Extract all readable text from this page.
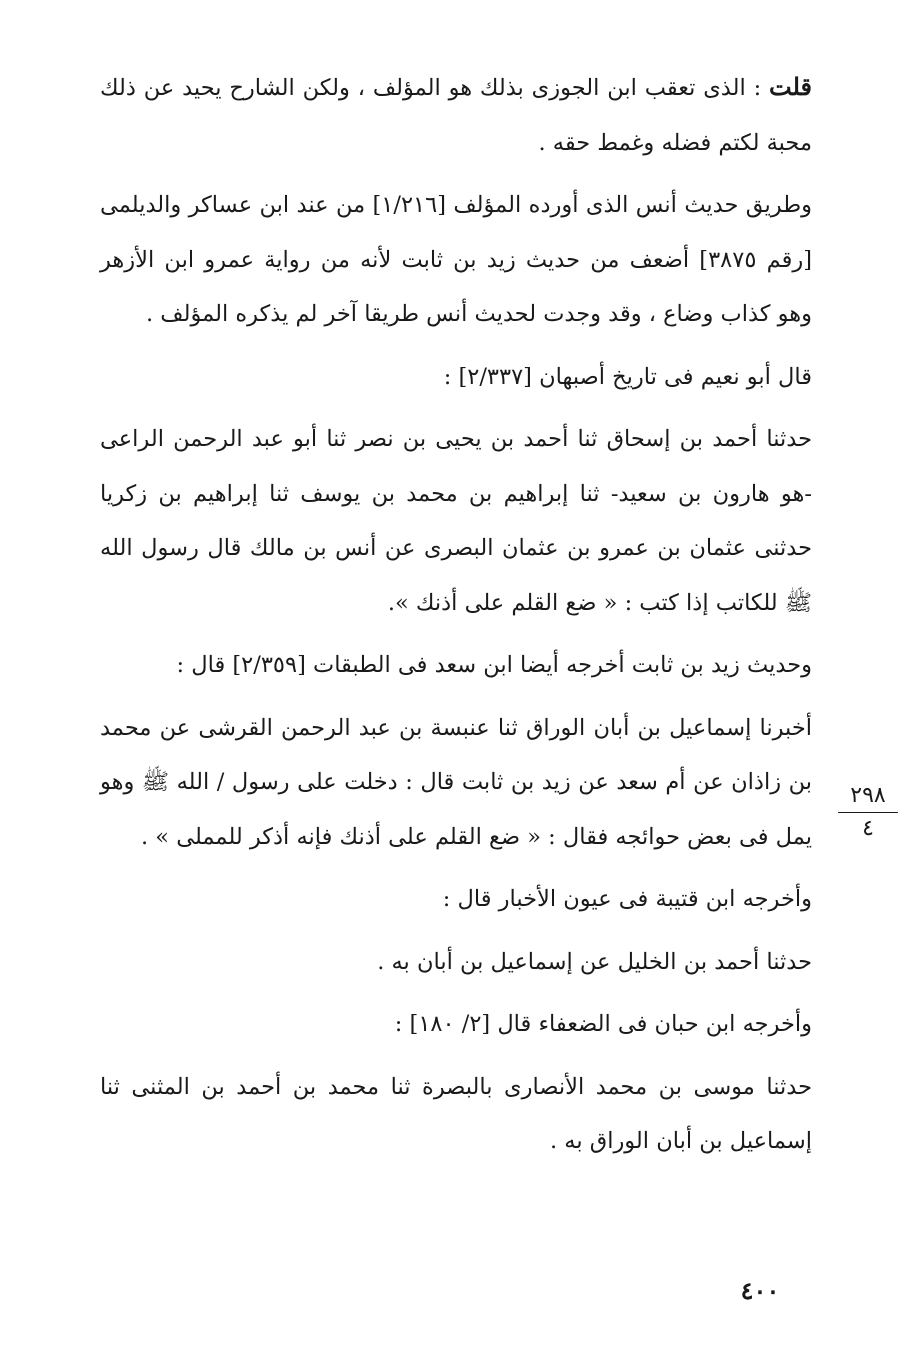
قلت : الذى تعقب ابن الجوزى بذلك هو المؤلف ، ولكن الشارح يحيد عن ذلك محبة لكتم فضله وغمط حقه .

وطريق حديث أنس الذى أورده المؤلف [١/٢١٦] من عند ابن عساكر والديلمى [رقم ٣٨٧٥] أضعف من حديث زيد بن ثابت لأنه من رواية عمرو ابن الأزهر وهو كذاب وضاع ، وقد وجدت لحديث أنس طريقا آخر لم يذكره المؤلف .

قال أبو نعيم فى تاريخ أصبهان [٢/٣٣٧] :

حدثنا أحمد بن إسحاق ثنا أحمد بن يحيى بن نصر ثنا أبو عبد الرحمن الراعى -هو هارون بن سعيد- ثنا إبراهيم بن محمد بن يوسف ثنا إبراهيم بن زكريا حدثنى عثمان بن عمرو بن عثمان البصرى عن أنس بن مالك قال رسول الله ﷺ للكاتب إذا كتب : « ضع القلم على أذنك ».

وحديث زيد بن ثابت أخرجه أيضا ابن سعد فى الطبقات [٢/٣٥٩] قال :

أخبرنا إسماعيل بن أبان الوراق ثنا عنبسة بن عبد الرحمن القرشى عن محمد بن زاذان عن أم سعد عن زيد بن ثابت قال : دخلت على رسول / الله ﷺ وهو يمل فى بعض حوائجه فقال : « ضع القلم على أذنك فإنه أذكر للمملى » .

وأخرجه ابن قتيبة فى عيون الأخبار قال :

حدثنا أحمد بن الخليل عن إسماعيل بن أبان به .

وأخرجه ابن حبان فى الضعفاء قال [٢/ ١٨٠] :

حدثنا موسى بن محمد الأنصارى بالبصرة ثنا محمد بن أحمد بن المثنى ثنا إسماعيل بن أبان الوراق به .

٢٩٨
٤
٤٠٠
